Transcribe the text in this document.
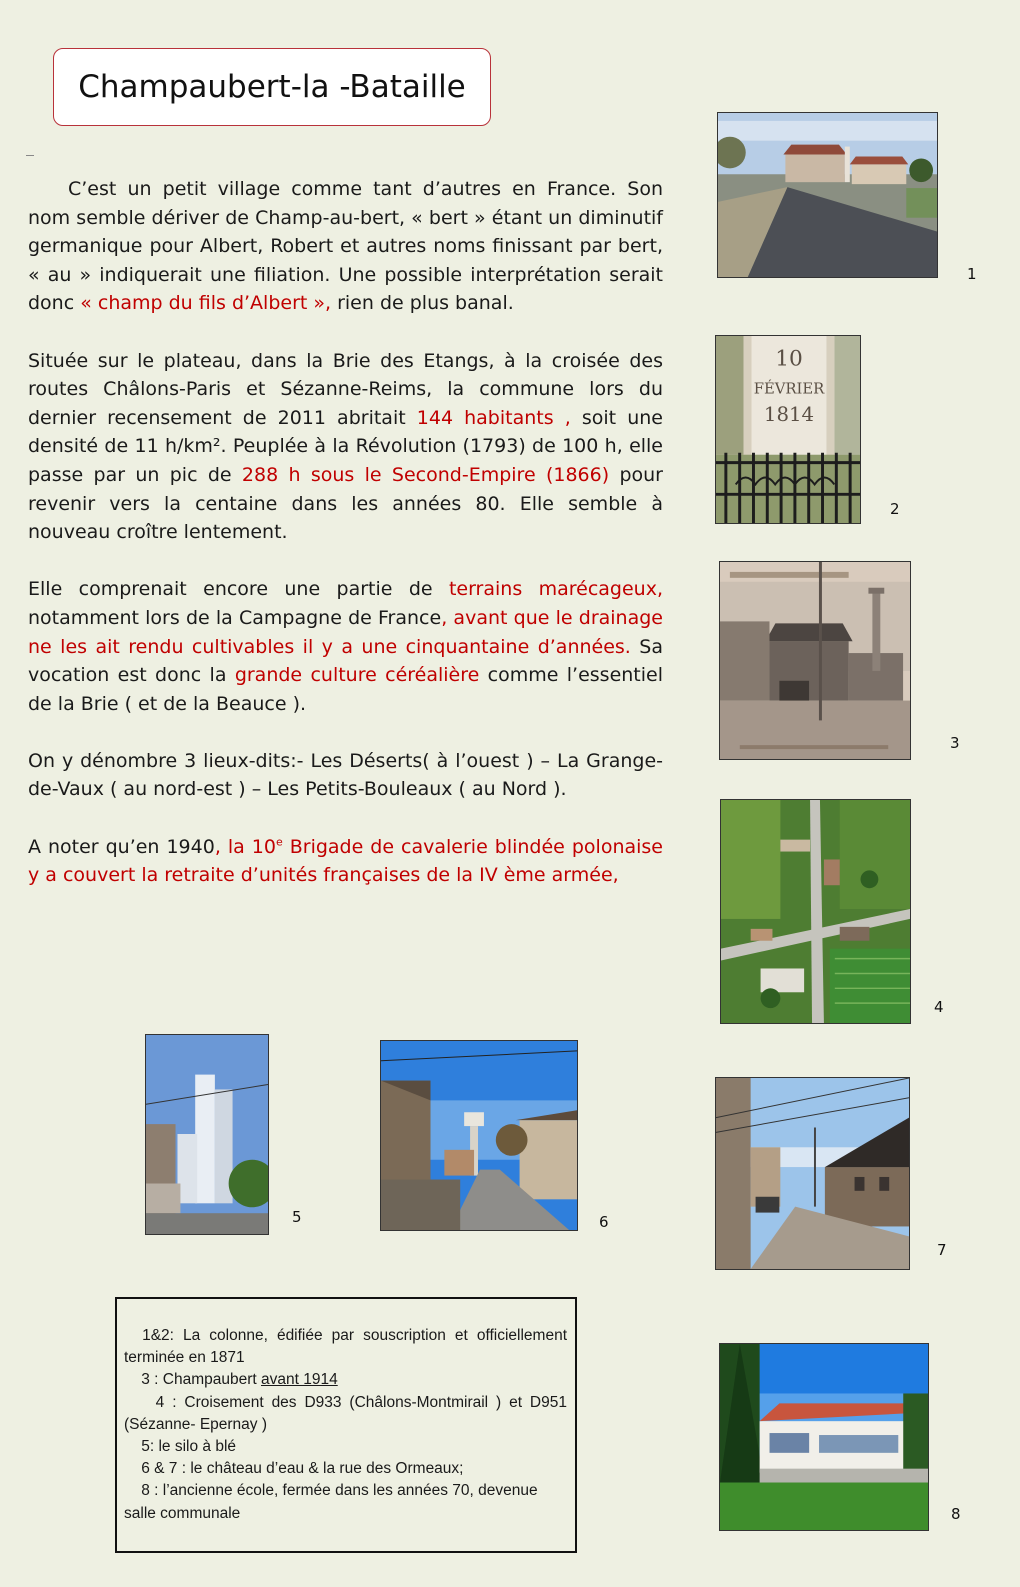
Champaubert-la -Bataille

C’est un petit village comme tant d’autres en France. Son nom semble dériver de Champ-au-bert, « bert » étant un diminutif germanique pour Albert, Robert et autres noms finissant par bert, « au » indiquerait une filiation. Une possible interprétation serait donc « champ du fils d’Albert », rien de plus banal.

Située sur le plateau, dans la Brie des Etangs, à la croisée des routes Châlons-Paris et Sézanne-Reims, la commune lors du dernier recensement de 2011 abritait 144 habitants , soit une densité de 11 h/km². Peuplée à la Révolution (1793) de 100 h, elle passe par un pic de 288 h sous le Second-Empire (1866) pour revenir vers la centaine dans les années 80. Elle semble à nouveau croître lentement.

Elle comprenait encore une partie de terrains marécageux, notamment lors de la Campagne de France, avant que le drainage ne les ait rendu cultivables il y a une cinquantaine d’années. Sa vocation est donc la grande culture céréalière comme l’essentiel de la Brie ( et de la Beauce ).

On y dénombre 3 lieux-dits:- Les Déserts( à l’ouest ) – La Grange-de-Vaux ( au nord-est ) – Les Petits-Bouleaux ( au Nord ).

A noter qu’en 1940, la 10e Brigade de cavalerie blindée polonaise y a couvert la retraite d’unités françaises de la IV ème armée,

1
10
FÉVRIER
1814
2
3
4
5	6
7
8
1&2: La colonne, édifiée par souscription et officiellement terminée en 1871
3 : Champaubert avant 1914
4 : Croisement des D933 (Châlons-Montmirail ) et D951 (Sézanne- Epernay )
5: le silo à blé
6 & 7 : le château d’eau & la rue des Ormeaux;
8 : l’ancienne école, fermée dans les années 70, devenue salle communale
